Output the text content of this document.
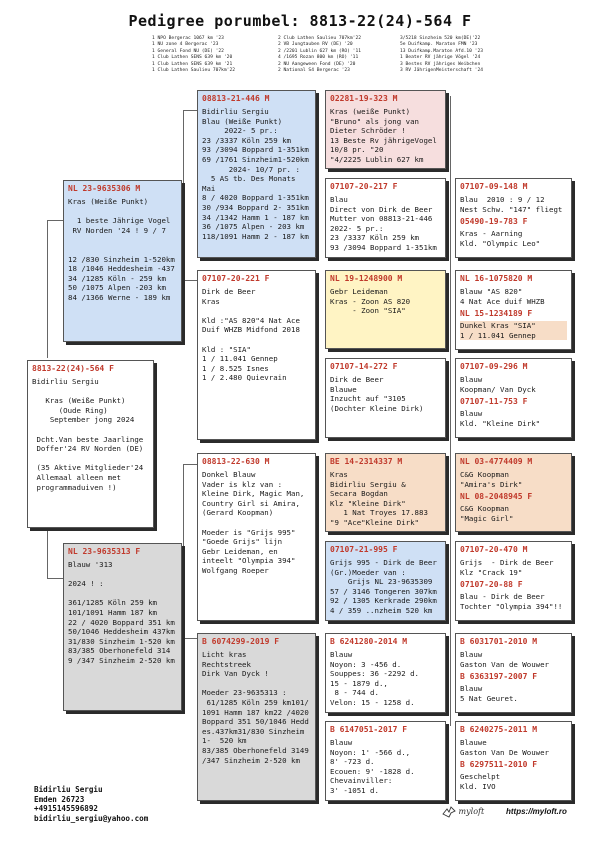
Pedigree porumbel: 8813-22(24)-564 F
1 NPO Bergerac 1067 km '23
1 NU zone 4 Bergerac '23
1 General Fond NU (DE) '22
1 Club Lathen SENS 639 km '20
1 Club Lathen SENS 639 km '21
1 Club Lathen Saulieu 707km'22
2 Club Lathen Saulieu 707km'22
2 VB Jungtauben RV (DE) '20
2 /2201 Lublin 627 km (RO) '11
4 /1695 Rozan 800 km (RO) '11
2 NU Aangeween Fond (DE) '20
2 National S4 Bergerac '23
3/5218 Sinzheim 520 km(DE)'22
5e Duifkamp. Maraton FMN '23
13 Duifkamp.Maraton Afd.10 '23
1 Beater RV jährige Vögel '24
3 Bestes RV jähriges Weibchen
3 RV JährigenMeisterschaft '24
8813-22(24)-564 F
Bidirliu Sergiu

Kras (Weiße Punkt)
(Oude Ring)
September jong 2024

Dcht.Van beste Jaarlinge
Doffer'24 RV Norden (DE)

(35 Aktive Mitglieder'24
Allemaal alleen met
programmaduiven !)
NL 23-9635306 M
Kras (Weiße Punkt)

1 beste Jährige Vogel
RV Norden '24 ! 9 / 7

12 /830 Sinzheim 1-520km
18 /1046 Heddesheim -437
34 /1285 Köln - 259 km
50 /1075 Alpen -203 km
84 /1366 Werne - 189 km
NL 23-9635313 F
Blauw '313

2024 ! :

361/1285 Köln 259 km
101/1091 Hamm 187 km
22 / 4020 Boppard 351 km
50/1046 Heddesheim 437km
31/830 Sinzheim 1-520 km
83/385 Oberhonefeld 314
9 /347 Sinzheim 2-520 km
08813-21-446 M
Bidirliu Sergiu
Blau (Weiße Punkt)
2022- 5 pr.:
23 /3337 Köln 259 km
93 /3094 Boppard 1-351km
69 /1761 Sinzheim1-520km
2024- 10/7 pr. :
5 AS tb. Des Monats Mai
8 / 4020 Boppard 1-351km
30 /934 Boppard 2- 351km
34 /1342 Hamm 1 - 187 km
36 /1075 Alpen - 203 km
118/1091 Hamm 2 - 187 km
07107-20-221 F
Dirk de Beer
Kras

Kld :"AS 820"4 Nat Ace
Duif WHZB Midfond 2018

Kld : "SIA"
1 / 11.041 Gennep
1 / 8.525 Isnes
1 / 2.480 Quievrain
08813-22-630 M
Donkel Blauw
Vader is klz van :
Kleine Dirk, Magic Man,
Country Girl si Amira,
(Gerard Koopman)

Moeder is "Grijs 995"
"Goede Grijs" lijn
Gebr Leideman, en
inteelt "Olympia 394"
Wolfgang Roeper
B 6074299-2019 F
Licht kras
Rechtstreek
Dirk Van Dyck !

Moeder 23-9635313 :
61/1285 Köln 259 km101/
1091 Hamm 187 km22 /4020
Boppard 351 50/1046 Hedd
es.437km31/830 Sinzheim
1-  520 km
83/385 Oberhonefeld 3149
/347 Sinzheim 2-520 km
02281-19-323 M
Kras (weiße Punkt)
"Bruno" als jong van
Dieter Schröder !
13 Beste Rv jährigeVogel
10/8 pr. "20
"4/2225 Lublin 627 km
07107-20-217 F
Blau
Direct von Dirk de Beer
Mutter von 08813-21-446
2022- 5 pr.:
23 /3337 Köln 259 km
93 /3094 Boppard 1-351km
NL 19-1248900 M
Gebr Leideman
Kras - Zoon AS 820
- Zoon "SIA"
07107-14-272 F
Dirk de Beer
Blauwe
Inzucht auf "3105
(Dochter Kleine Dirk)
BE 14-2314337 M
Kras
Bidirliu Sergiu &
Secara Bogdan
Klz "Kleine Dirk"
1 Nat Troyes 17.883
"9 "Ace"Kleine Dirk"
07107-21-995 F
Grijs 995 - Dirk de Beer
(Gr.)Moeder van :
Grijs NL 23-9635309
57 / 3146 Tongeren 307km
92 / 1305 Kerkrade 290km
4 / 359 ..nzheim 520 km
B 6241280-2014 M
Blauw
Noyon: 3 -456 d.
Souppes: 36 -2292 d.
15 - 1879 d.,
8 - 744 d.
Velon: 15 - 1258 d.
B 6147051-2017 F
Blauw
Noyon: 1' -566 d.,
8' -723 d.
Ecouen: 9' -1828 d.
Chevainviller:
3' -1051 d.
07107-09-148 M
Blau  2010 : 9 / 12
Nest Schw. "147" fliegt
05490-19-783 F
Kras - Aarning
Kld. "Olympic Leo"
NL 16-1075820 M
Blauw "AS 820"
4 Nat Ace duif WHZB
NL 15-1234189 F
Dunkel Kras "SIA"
1 / 11.041 Gennep
07107-09-296 M
Blauw
Koopman/ Van Dyck
07107-11-753 F
Blauw
Kld. "Kleine Dirk"
NL 03-4774409 M
C&G Koopman
"Amira's Dirk"
NL 08-2048945 F
C&G Koopman
"Magic Girl"
07107-20-470 M
Grijs  - Dirk de Beer
Klz "Crack 19"
07107-20-88 F
Blau - Dirk de Beer
Tochter "Olympia 394"!!
B 6031701-2010 M
Blauw
Gaston Van de Wouwer
B 6363197-2007 F
Blauw
5 Nat Geuret.
B 6240275-2011 M
Blauwe
Gaston Van De Wouwer
B 6297511-2010 F
Geschelpt
Kld. IVO
Bidirliu Sergiu
Emden 26723
+4915145596892
bidirliu_sergiu@yahoo.com
myloft	https://myloft.ro
